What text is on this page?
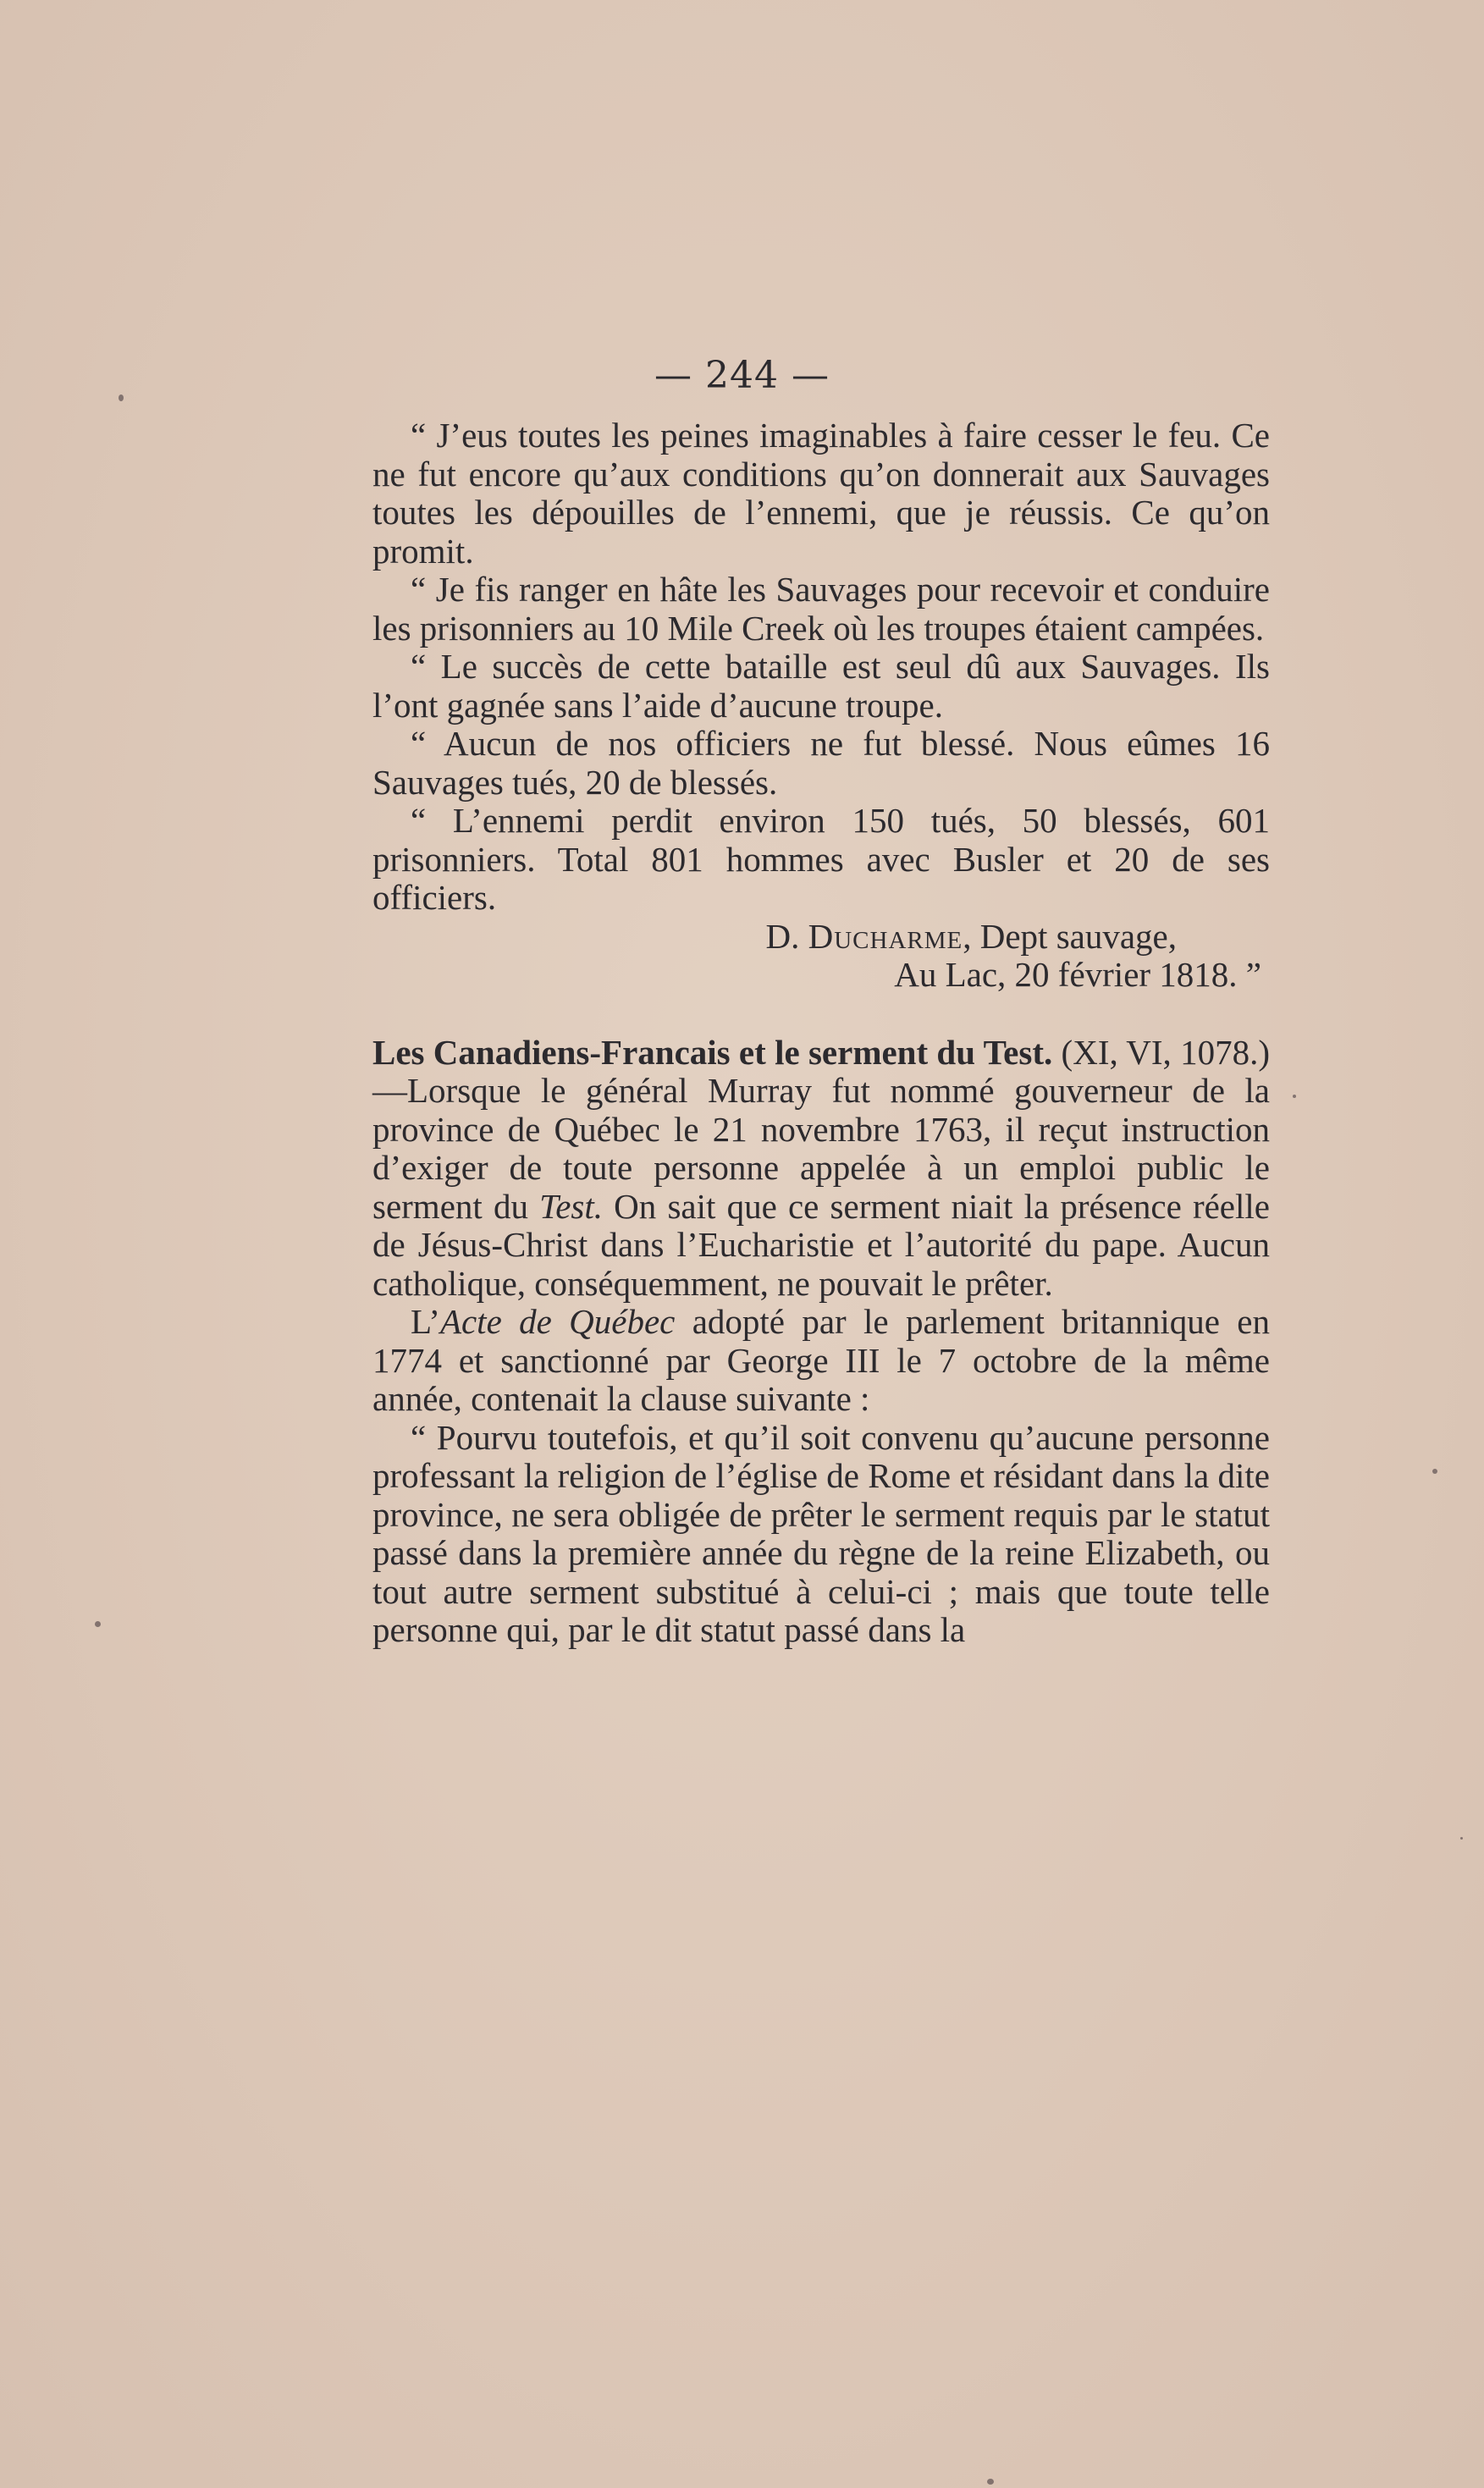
— 244 —

“ J’eus toutes les peines imaginables à faire cesser le feu. Ce ne fut encore qu’aux conditions qu’on donnerait aux Sauvages toutes les dépouilles de l’ennemi, que je réussis. Ce qu’on promit.

“ Je fis ranger en hâte les Sauvages pour recevoir et conduire les prisonniers au 10 Mile Creek où les troupes étaient campées.

“ Le succès de cette bataille est seul dû aux Sauvages. Ils l’ont gagnée sans l’aide d’aucune troupe.

“ Aucun de nos officiers ne fut blessé. Nous eûmes 16 Sauvages tués, 20 de blessés.

“ L’ennemi perdit environ 150 tués, 50 blessés, 601 prisonniers. Total 801 hommes avec Busler et 20 de ses officiers.

D. Ducharme, Dept sauvage,

Au Lac, 20 février 1818. ”

Les Canadiens-Francais et le serment du Test. (XI, VI, 1078.)—Lorsque le général Murray fut nommé gouverneur de la province de Québec le 21 novembre 1763, il reçut instruction d’exiger de toute personne appelée à un emploi public le serment du Test. On sait que ce serment niait la présence réelle de Jésus-Christ dans l’Eucharistie et l’autorité du pape. Aucun catholique, conséquemment, ne pouvait le prêter.

L’Acte de Québec adopté par le parlement britannique en 1774 et sanctionné par George III le 7 octobre de la même année, contenait la clause suivante :

“ Pourvu toutefois, et qu’il soit convenu qu’aucune personne professant la religion de l’église de Rome et résidant dans la dite province, ne sera obligée de prêter le serment requis par le statut passé dans la première année du règne de la reine Elizabeth, ou tout autre serment substitué à celui-ci ; mais que toute telle personne qui, par le dit statut passé dans la
